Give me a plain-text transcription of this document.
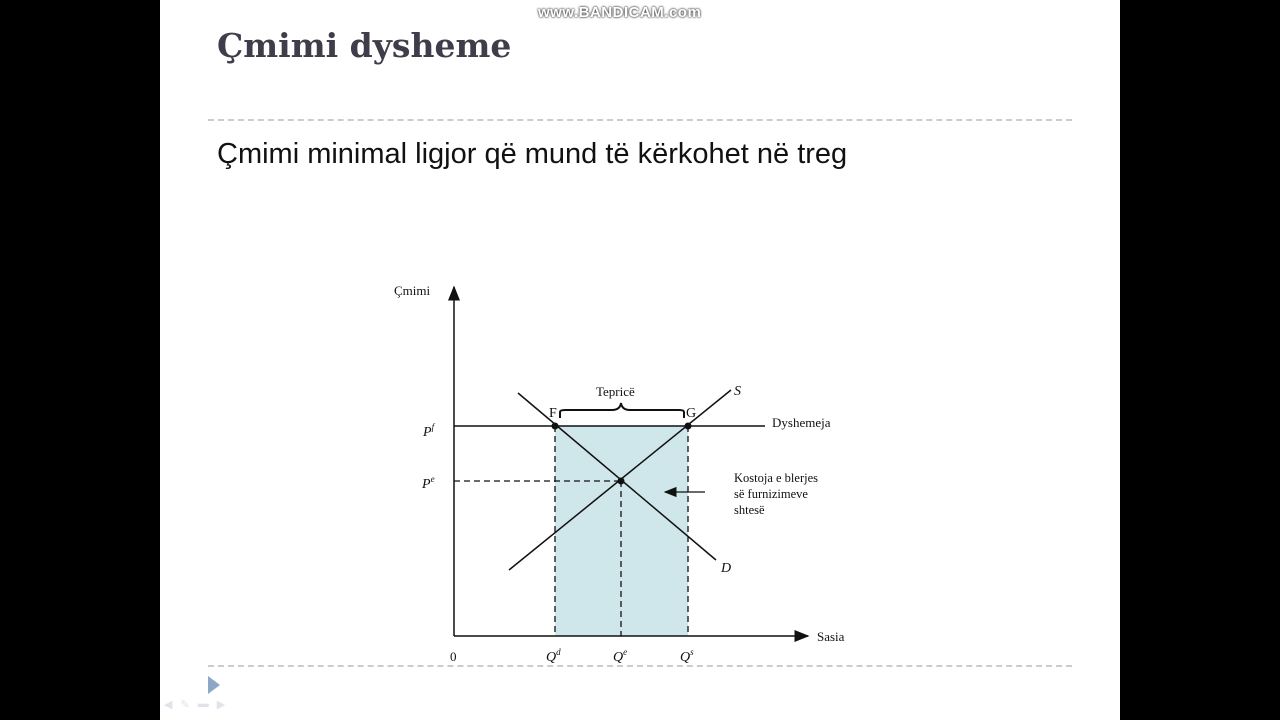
Çmimi dysheme
Çmimi minimal ligjor që mund të kërkohet në treg
◀ ✎ ▬ ▶
www.BANDICAM.com
Çmimi
Sasia
0
$P^f$
$P^e$
$Q^d$	$Q^e$	$Q^s$
Dyshemeja
S
D
F	G
Tepricë
Kostoja e blerjes
së furnizimeve
shtesë
